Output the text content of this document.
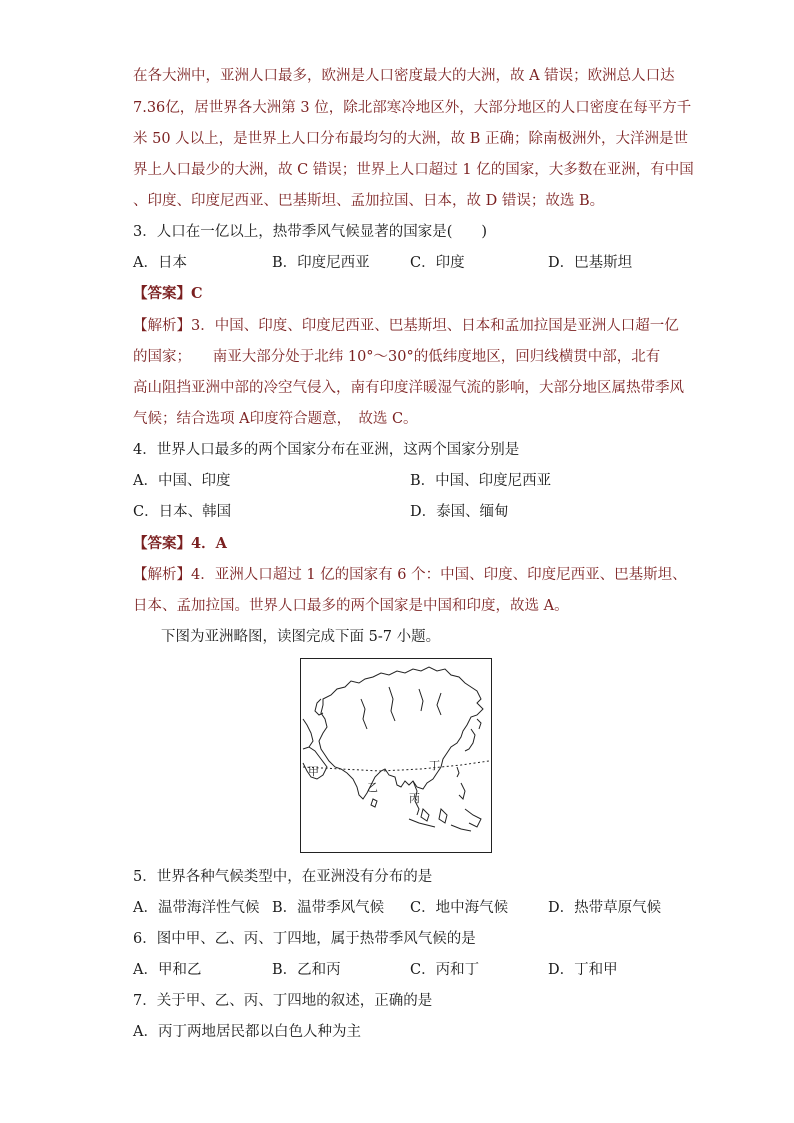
在各大洲中，亚洲人口最多，欧洲是人口密度最大的大洲，故 A 错误；欧洲总人口达
7.36亿，居世界各大洲第 3 位，除北部寒冷地区外，大部分地区的人口密度在每平方千
米 50 人以上，是世界上人口分布最均匀的大洲，故 B 正确；除南极洲外，大洋洲是世
界上人口最少的大洲，故 C 错误；世界上人口超过 1 亿的国家，大多数在亚洲，有中国
、印度、印度尼西亚、巴基斯坦、孟加拉国、日本，故 D 错误；故选 B。
3．人口在一亿以上，热带季风气候显著的国家是(　　)
A．日本	B．印度尼西亚	C．印度	D．巴基斯坦
【答案】C
【解析】3．中国、印度、印度尼西亚、巴基斯坦、日本和孟加拉国是亚洲人口超一亿
的国家；　　南亚大部分处于北纬 10°～30°的低纬度地区，回归线横贯中部，北有
高山阻挡亚洲中部的冷空气侵入，南有印度洋暖湿气流的影响，大部分地区属热带季风
气候；结合选项 A印度符合题意，　故选 C。
4．世界人口最多的两个国家分布在亚洲，这两个国家分别是
A．中国、印度	B．中国、印度尼西亚
C．日本、韩国	D．泰国、缅甸
【答案】4．A
【解析】4．亚洲人口超过 1 亿的国家有 6 个：中国、印度、印度尼西亚、巴基斯坦、
日本、孟加拉国。世界人口最多的两个国家是中国和印度，故选 A。
下图为亚洲略图，读图完成下面 5-7 小题。
甲
乙
丙
丁
5．世界各种气候类型中，在亚洲没有分布的是
A．温带海洋性气候 B．温带季风气候 C．地中海气候	D．热带草原气候
6．图中甲、乙、丙、丁四地，属于热带季风气候的是
A．甲和乙	B．乙和丙	C．丙和丁	D．丁和甲
7．关于甲、乙、丙、丁四地的叙述，正确的是
A．丙丁两地居民都以白色人种为主
